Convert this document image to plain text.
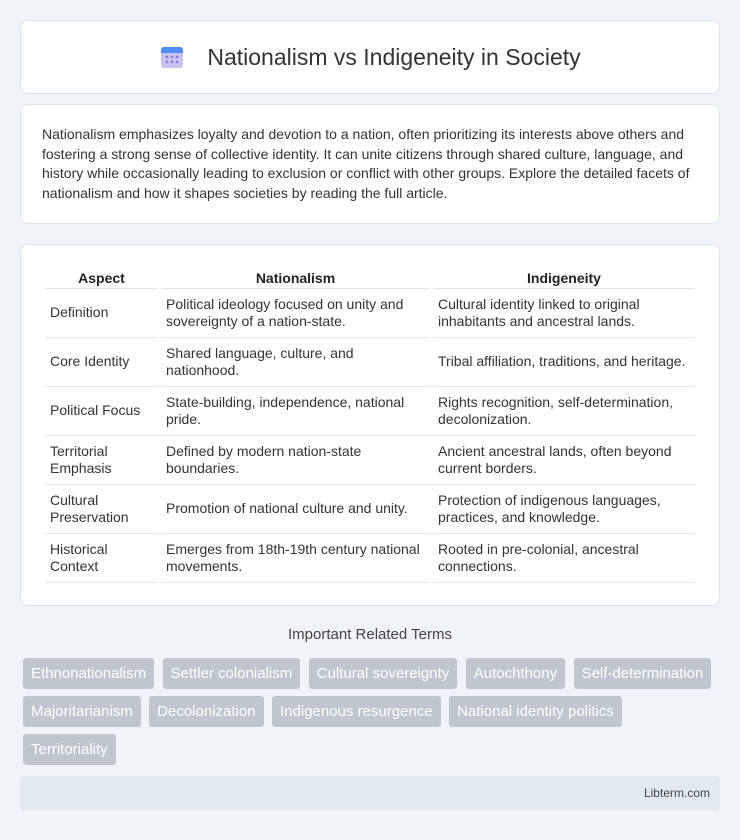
Nationalism vs Indigeneity in Society

Nationalism emphasizes loyalty and devotion to a nation, often prioritizing its interests above others and fostering a strong sense of collective identity. It can unite citizens through shared culture, language, and history while occasionally leading to exclusion or conflict with other groups. Explore the detailed facets of nationalism and how it shapes societies by reading the full article.

Aspect	Nationalism	Indigeneity
Definition	Political ideology focused on unity and sovereignty of a nation-state.	Cultural identity linked to original inhabitants and ancestral lands.
Core Identity	Shared language, culture, and nationhood.	Tribal affiliation, traditions, and heritage.
Political Focus	State-building, independence, national pride.	Rights recognition, self-determination, decolonization.
Territorial Emphasis	Defined by modern nation-state boundaries.	Ancient ancestral lands, often beyond current borders.
Cultural Preservation	Promotion of national culture and unity.	Protection of indigenous languages, practices, and knowledge.
Historical Context	Emerges from 18th-19th century national movements.	Rooted in pre-colonial, ancestral connections.
Important Related Terms
Ethnonationalism Settler colonialism Cultural sovereignty Autochthony Self-determination Majoritarianism Decolonization Indigenous resurgence National identity politics Territoriality
Libterm.com
